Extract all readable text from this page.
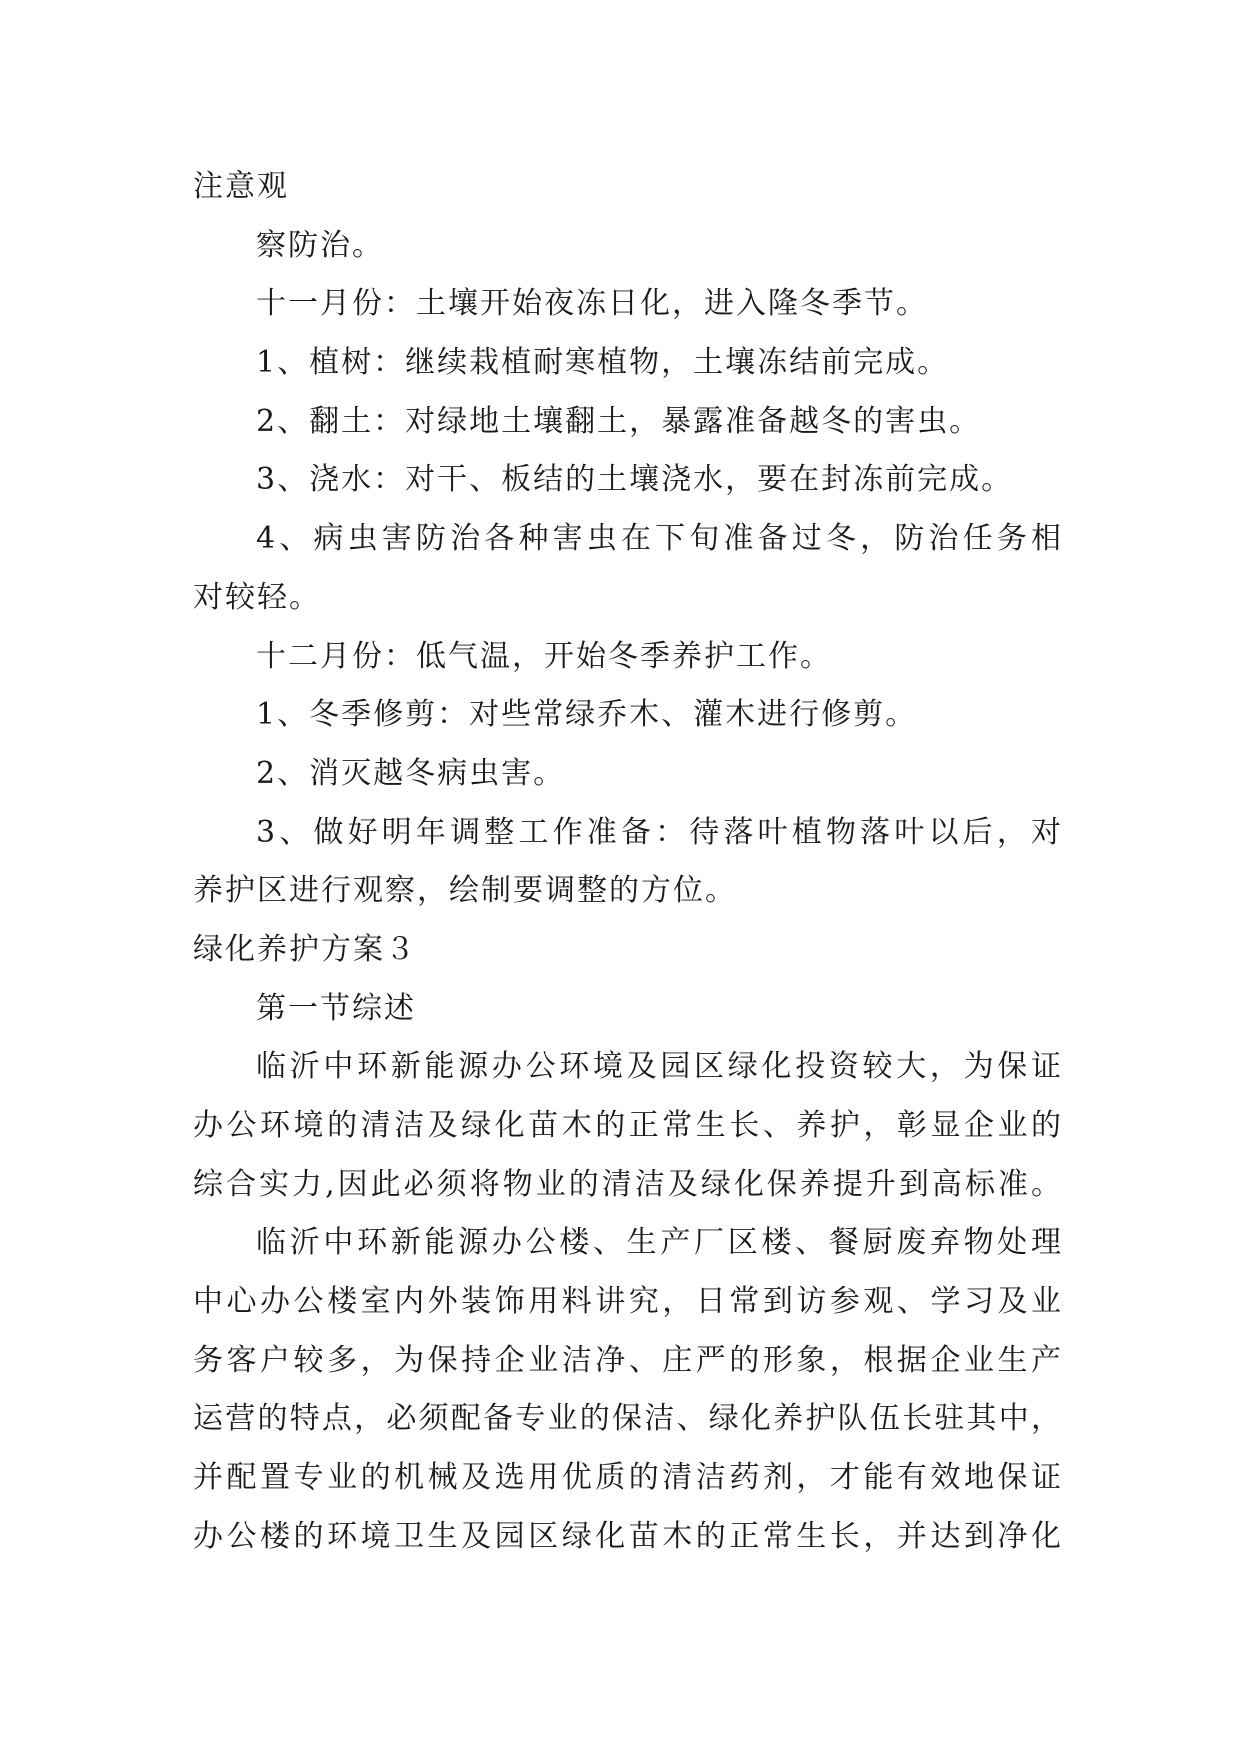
注意观

察防治。

十一月份：土壤开始夜冻日化，进入隆冬季节。

1、植树：继续栽植耐寒植物，土壤冻结前完成。

2、翻土：对绿地土壤翻土，暴露准备越冬的害虫。

3、浇水：对干、板结的土壤浇水，要在封冻前完成。

4、病虫害防治各种害虫在下旬准备过冬，防治任务相

对较轻。

十二月份：低气温，开始冬季养护工作。

1、冬季修剪：对些常绿乔木、灌木进行修剪。

2、消灭越冬病虫害。

3、做好明年调整工作准备：待落叶植物落叶以后，对

养护区进行观察，绘制要调整的方位。

绿化养护方案３

第一节综述

临沂中环新能源办公环境及园区绿化投资较大，为保证

办公环境的清洁及绿化苗木的正常生长、养护，彰显企业的

综合实力,因此必须将物业的清洁及绿化保养提升到高标准。

临沂中环新能源办公楼、生产厂区楼、餐厨废弃物处理

中心办公楼室内外装饰用料讲究，日常到访参观、学习及业

务客户较多，为保持企业洁净、庄严的形象，根据企业生产

运营的特点，必须配备专业的保洁、绿化养护队伍长驻其中，

并配置专业的机械及选用优质的清洁药剂，才能有效地保证

办公楼的环境卫生及园区绿化苗木的正常生长，并达到净化
